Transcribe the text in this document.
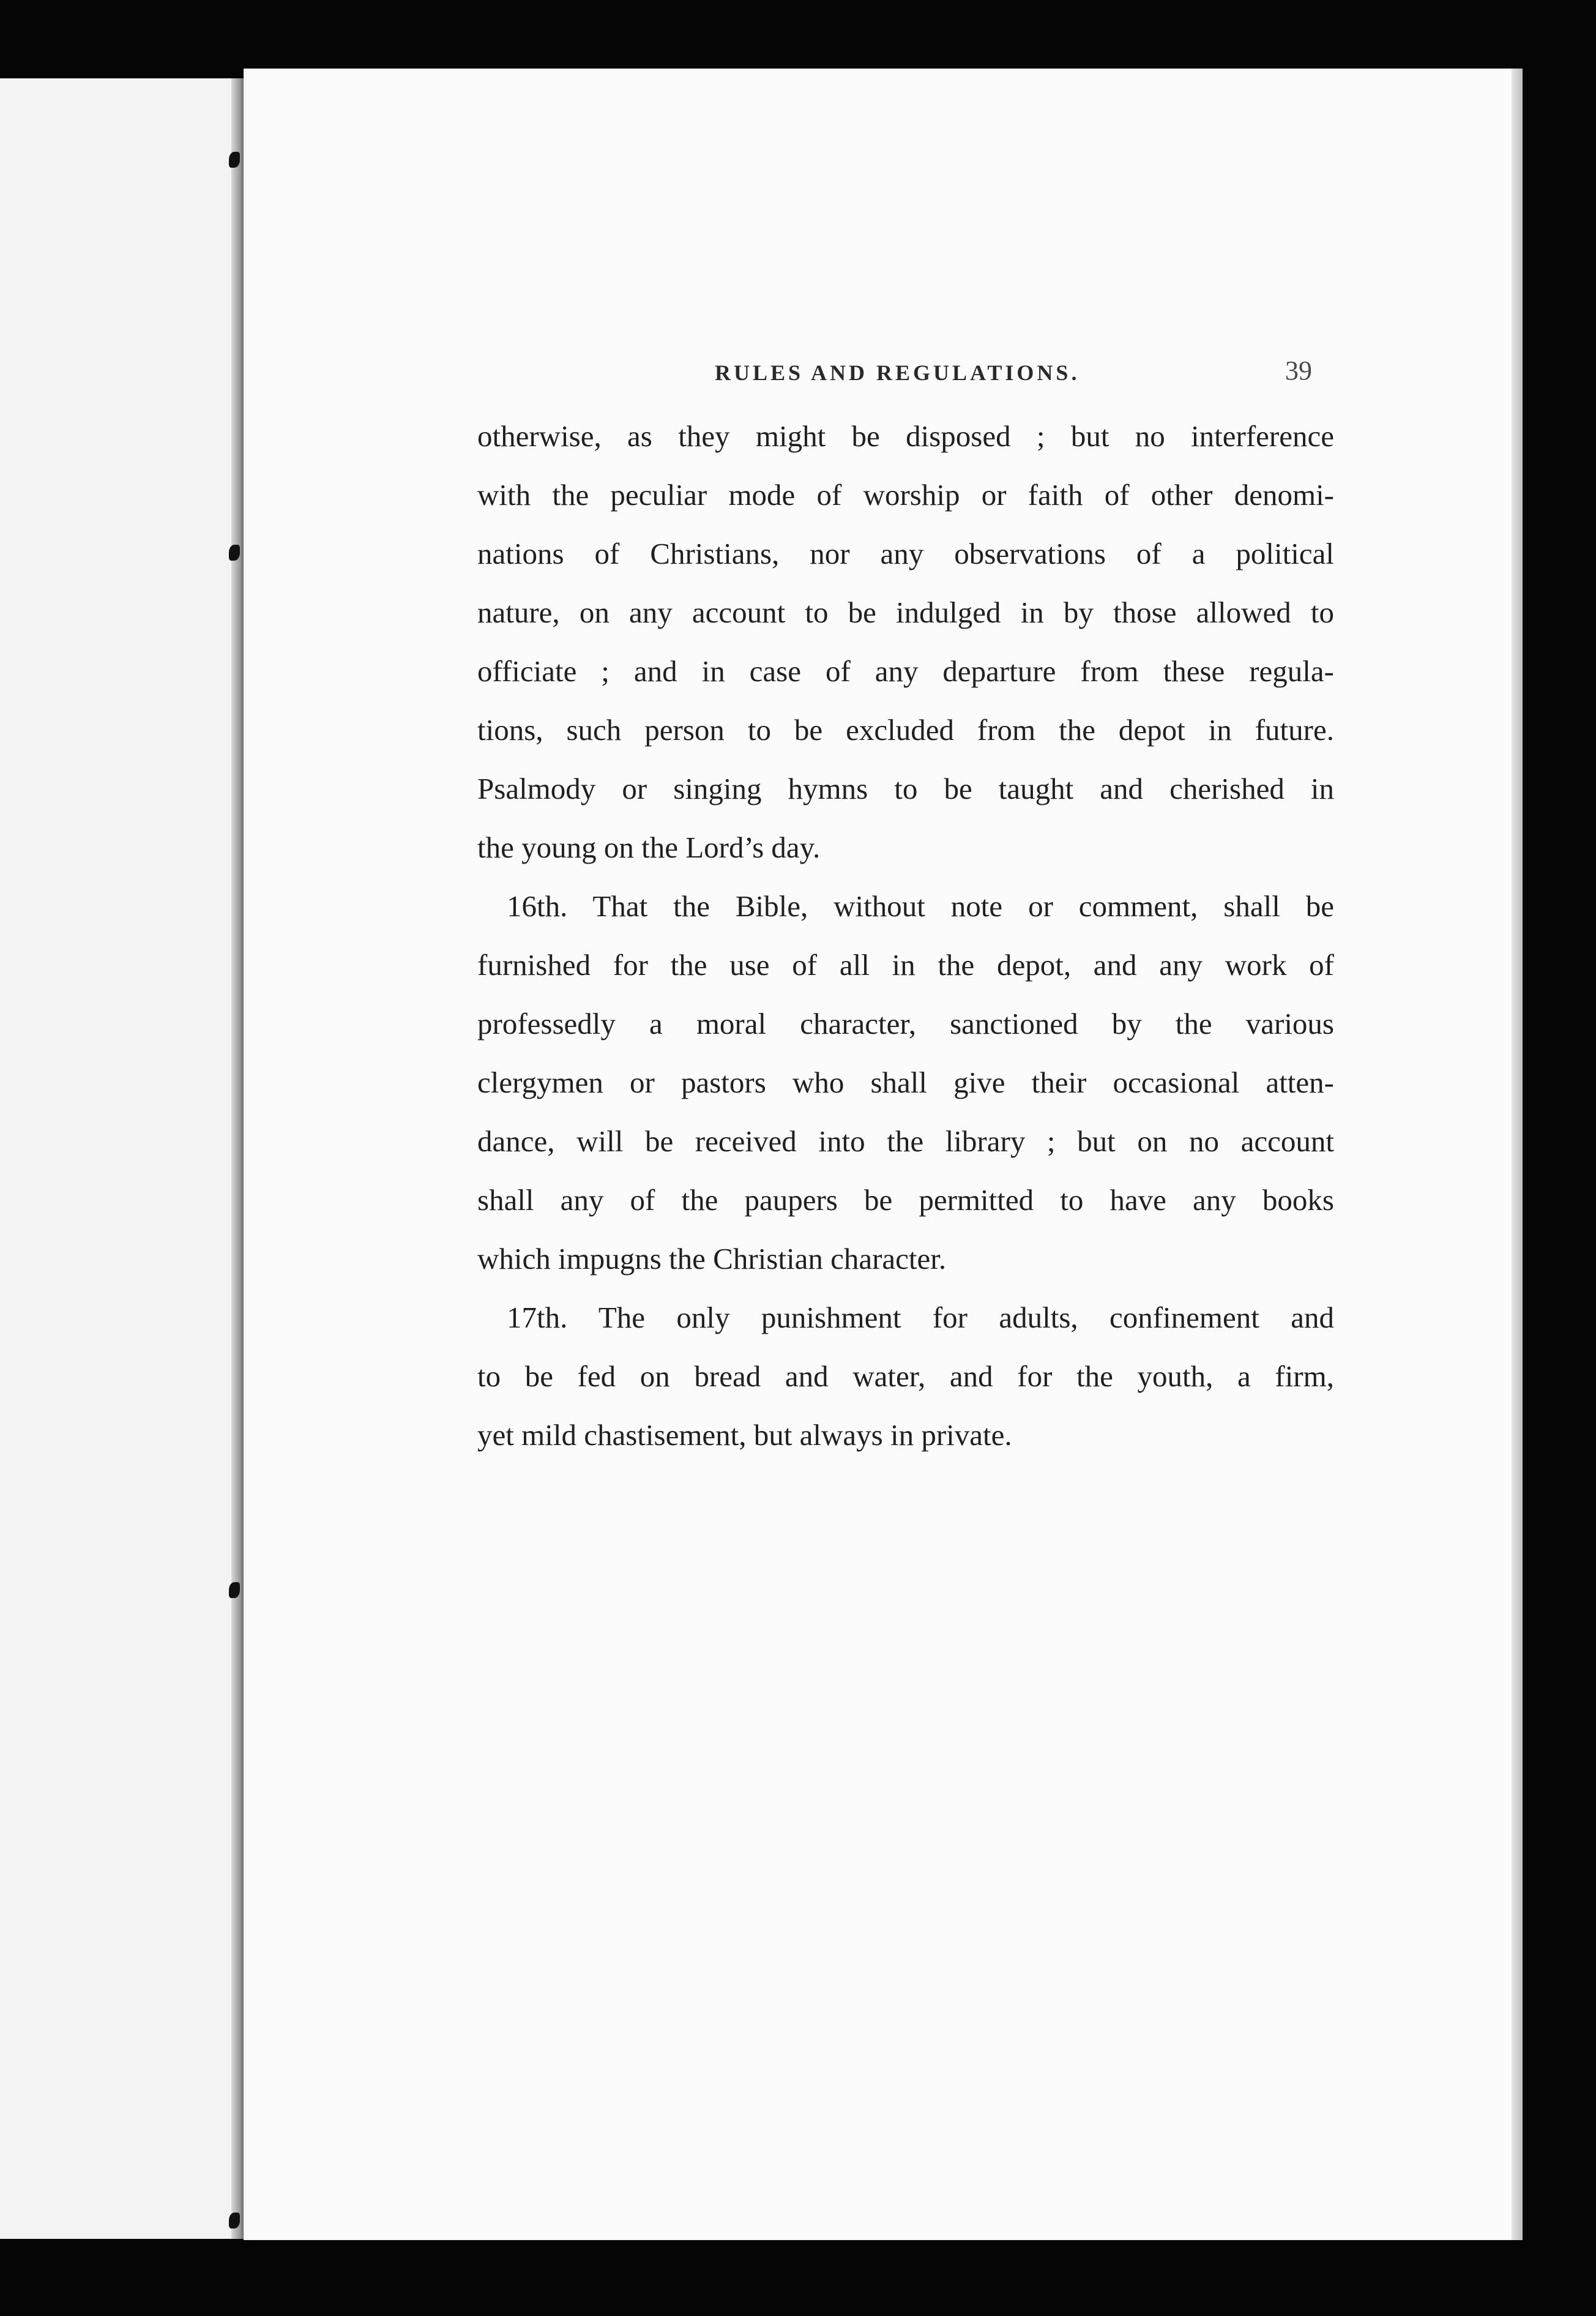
RULES AND REGULATIONS.	39
otherwise, as they might be disposed ; but no interference
with the peculiar mode of worship or faith of other denomi-
nations of Christians, nor any observations of a political
nature, on any account to be indulged in by those allowed to
officiate ; and in case of any departure from these regula-
tions, such person to be excluded from the depot in future.
Psalmody or singing hymns to be taught and cherished in
the young on the Lord’s day.
16th. That the Bible, without note or comment, shall be
furnished for the use of all in the depot, and any work of
professedly a moral character, sanctioned by the various
clergymen or pastors who shall give their occasional atten-
dance, will be received into the library ; but on no account
shall any of the paupers be permitted to have any books
which impugns the Christian character.
17th. The only punishment for adults, confinement and
to be fed on bread and water, and for the youth, a firm,
yet mild chastisement, but always in private.
